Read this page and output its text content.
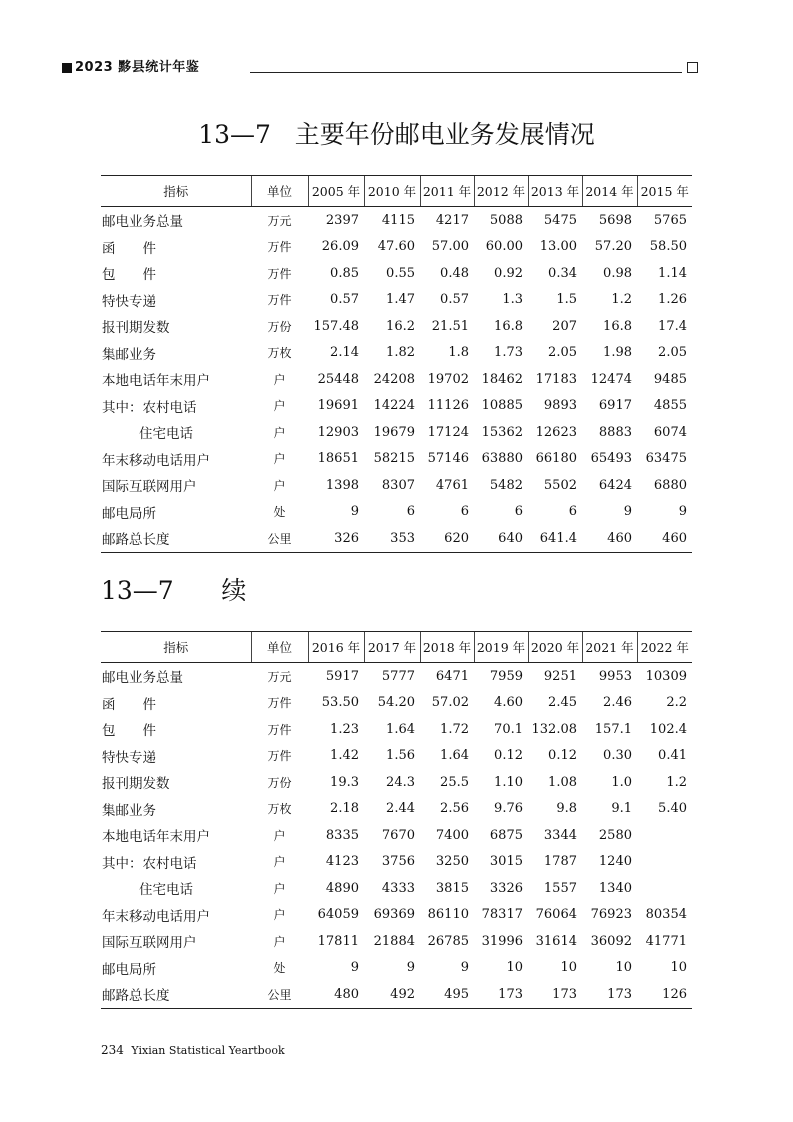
2023 黟县统计年鉴
13—7 主要年份邮电业务发展情况
指标	单位	2005 年	2010 年	2011 年	2012 年	2013 年	2014 年	2015 年
邮电业务总量	万元	2397	4115	4217	5088	5475	5698	5765
函　　件	万件	26.09	47.60	57.00	60.00	13.00	57.20	58.50
包　　件	万件	0.85	0.55	0.48	0.92	0.34	0.98	1.14
特快专递	万件	0.57	1.47	0.57	1.3	1.5	1.2	1.26
报刊期发数	万份	157.48	16.2	21.51	16.8	207	16.8	17.4
集邮业务	万枚	2.14	1.82	1.8	1.73	2.05	1.98	2.05
本地电话年末用户	户	25448	24208	19702	18462	17183	12474	9485
其中：农村电话	户	19691	14224	11126	10885	9893	6917	4855
住宅电话	户	12903	19679	17124	15362	12623	8883	6074
年末移动电话用户	户	18651	58215	57146	63880	66180	65493	63475
国际互联网用户	户	1398	8307	4761	5482	5502	6424	6880
邮电局所	处	9	6	6	6	6	9	9
邮路总长度	公里	326	353	620	640	641.4	460	460
13—7 续
指标	单位	2016 年	2017 年	2018 年	2019 年	2020 年	2021 年	2022 年
邮电业务总量	万元	5917	5777	6471	7959	9251	9953	10309
函　　件	万件	53.50	54.20	57.02	4.60	2.45	2.46	2.2
包　　件	万件	1.23	1.64	1.72	70.1	132.08	157.1	102.4
特快专递	万件	1.42	1.56	1.64	0.12	0.12	0.30	0.41
报刊期发数	万份	19.3	24.3	25.5	1.10	1.08	1.0	1.2
集邮业务	万枚	2.18	2.44	2.56	9.76	9.8	9.1	5.40
本地电话年末用户	户	8335	7670	7400	6875	3344	2580	
其中：农村电话	户	4123	3756	3250	3015	1787	1240	
住宅电话	户	4890	4333	3815	3326	1557	1340	
年末移动电话用户	户	64059	69369	86110	78317	76064	76923	80354
国际互联网用户	户	17811	21884	26785	31996	31614	36092	41771
邮电局所	处	9	9	9	10	10	10	10
邮路总长度	公里	480	492	495	173	173	173	126
234 Yixian Statistical Yeartbook
